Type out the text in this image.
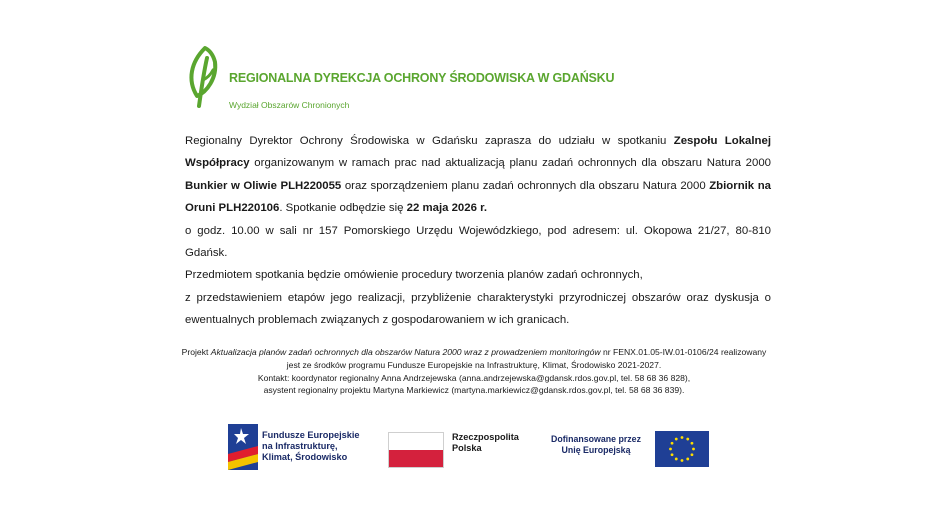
REGIONALNA DYREKCJA OCHRONY ŚRODOWISKA W GDAŃSKU
Wydział Obszarów Chronionych

Regionalny Dyrektor Ochrony Środowiska w Gdańsku zaprasza do udziału w spotkaniu Zespołu Lokalnej Współpracy organizowanym w ramach prac nad aktualizacją planu zadań ochronnych dla obszaru Natura 2000 Bunkier w Oliwie PLH220055 oraz sporządzeniem planu zadań ochronnych dla obszaru Natura 2000 Zbiornik na Oruni PLH220106. Spotkanie odbędzie się 22 maja 2026 r.

o godz. 10.00 w sali nr 157 Pomorskiego Urzędu Wojewódzkiego, pod adresem: ul. Okopowa 21/27, 80-810 Gdańsk.

Przedmiotem spotkania będzie omówienie procedury tworzenia planów zadań ochronnych,

z przedstawieniem etapów jego realizacji, przybliżenie charakterystyki przyrodniczej obszarów oraz dyskusja o ewentualnych problemach związanych z gospodarowaniem w ich granicach.

Projekt Aktualizacja planów zadań ochronnych dla obszarów Natura 2000 wraz z prowadzeniem monitoringów nr FENX.01.05-IW.01-0106/24 realizowany jest ze środków programu Fundusze Europejskie na Infrastrukturę, Klimat, Środowisko 2021-2027.
Kontakt: koordynator regionalny Anna Andrzejewska (anna.andrzejewska@gdansk.rdos.gov.pl, tel. 58 68 36 828),
asystent regionalny projektu Martyna Markiewicz (martyna.markiewicz@gdansk.rdos.gov.pl, tel. 58 68 36 839).
Fundusze Europejskie
na Infrastrukturę,
Klimat, Środowisko
Rzeczpospolita
Polska
Dofinansowane przez
Unię Europejską
